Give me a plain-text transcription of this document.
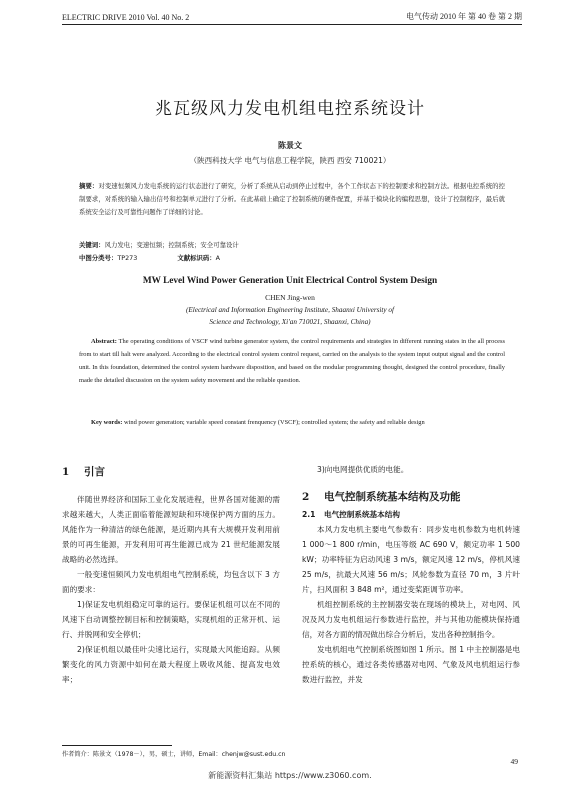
ELECTRIC DRIVE 2010 Vol. 40 No. 2	电气传动 2010 年 第 40 卷 第 2 期
兆瓦级风力发电机组电控系统设计
陈景文
（陕西科技大学 电气与信息工程学院，陕西 西安 710021）
摘要：对变速恒频风力发电系统的运行状态进行了研究，分析了系统从启动到停止过程中，各个工作状态下的控制要求和控制方法。根据电控系统的控制要求，对系统的输入输出信号和控制单元进行了分析。在此基础上确定了控制系统的硬件配置，并基于模块化的编程思想，设计了控制程序，最后就系统安全运行及可靠性问题作了详细的讨论。
关键词：风力发电；变速恒频；控制系统；安全可靠设计
中图分类号：TP273	文献标识码：A
MW Level Wind Power Generation Unit Electrical Control System Design
CHEN Jing-wen
(Electrical and Information Engineering Institute, Shaanxi University of
Science and Technology, Xi'an 710021, Shaanxi, China)
Abstract: The operating conditions of VSCF wind turbine generator system, the control requirements and strategies in different running states in the all process from to start till halt were analyzed. According to the electrical control system control request, carried on the analysis to the system input output signal and the control unit. In this foundation, determined the control system hardware disposition, and based on the modular programming thought, designed the control procedure, finally made the detailed discussion on the system safety movement and the reliable question.
Key words: wind power generation; variable speed constant frenquency (VSCF); controlled system; the safety and reliable design
1 引言

伴随世界经济和国际工业化发展进程，世界各国对能源的需求越来越大，人类正面临着能源短缺和环境保护两方面的压力。风能作为一种清洁的绿色能源，是近期内具有大规模开发利用前景的可再生能源，开发利用可再生能源已成为 21 世纪能源发展战略的必然选择。

一般变速恒频风力发电机组电气控制系统，均包含以下 3 方面的要求：

1)保证发电机组稳定可靠的运行。要保证机组可以在不同的风速下自动调整控制目标和控制策略，实现机组的正常开机、运行、并脱网和安全停机；

2)保证机组以最佳叶尖速比运行，实现最大风能追踪。从频繁变化的风力资源中如何在最大程度上吸收风能、提高发电效率；

3)向电网提供优质的电能。

2 电气控制系统基本结构及功能
2.1 电气控制系统基本结构

本风力发电机主要电气参数有：同步发电机参数为电机转速 1 000～1 800 r/min，电压等级 AC 690 V，额定功率 1 500 kW；功率特征为启动风速 3 m/s，额定风速 12 m/s，停机风速 25 m/s，抗最大风速 56 m/s；风轮参数为直径 70 m，3 片叶片，扫风面积 3 848 m²，通过变桨距调节功率。

机组控制系统的主控制器安装在现场的模块上，对电网、风况及风力发电机组运行参数进行监控，并与其他功能模块保持通信，对各方面的情况做出综合分析后，发出各种控制指令。

发电机组电气控制系统图如图 1 所示。图 1 中主控制器是电控系统的核心，通过各类传感器对电网、气象及风电机组运行参数进行监控，并发

作者简介：陈景文（1978－），男，硕士，讲师，Email：chenjw@sust.edu.cn
49
新能源资料汇集站 https://www.z3060.com.
